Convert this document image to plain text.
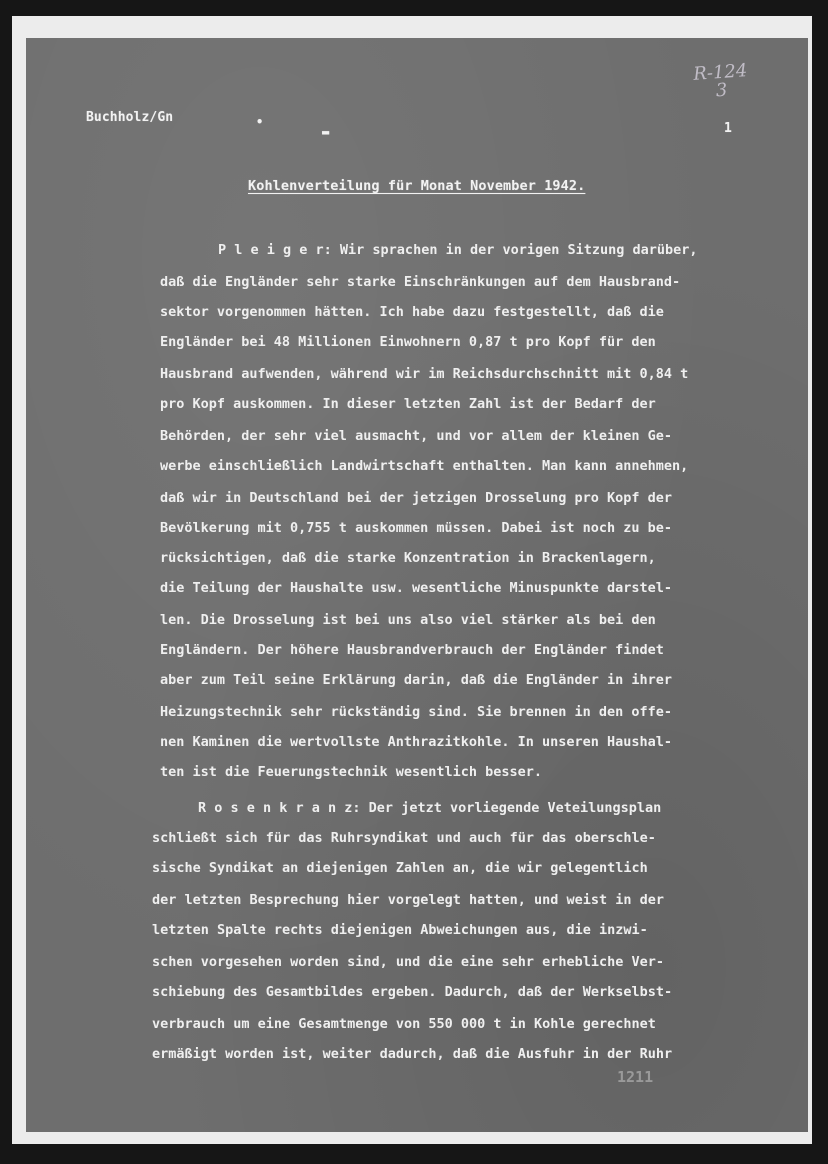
Buchholz/Gn	•
▬	1
R-124
3
Kohlenverteilung für Monat November 1942.
P l e i g e r: Wir sprachen in der vorigen Sitzung darüber,
daß die Engländer sehr starke Einschränkungen auf dem Hausbrand-
sektor vorgenommen hätten. Ich habe dazu festgestellt, daß die
Engländer bei 48 Millionen Einwohnern 0,87 t pro Kopf für den
Hausbrand aufwenden, während wir im Reichsdurchschnitt mit 0,84 t
pro Kopf auskommen. In dieser letzten Zahl ist der Bedarf der
Behörden, der sehr viel ausmacht, und vor allem der kleinen Ge-
werbe einschließlich Landwirtschaft enthalten. Man kann annehmen,
daß wir in Deutschland bei der jetzigen Drosselung pro Kopf der
Bevölkerung mit 0,755 t auskommen müssen. Dabei ist noch zu be-
rücksichtigen, daß die starke Konzentration in Brackenlagern,
die Teilung der Haushalte usw. wesentliche Minuspunkte darstel-
len. Die Drosselung ist bei uns also viel stärker als bei den
Engländern. Der höhere Hausbrandverbrauch der Engländer findet
aber zum Teil seine Erklärung darin, daß die Engländer in ihrer
Heizungstechnik sehr rückständig sind. Sie brennen in den offe-
nen Kaminen die wertvollste Anthrazitkohle. In unseren Haushal-
ten ist die Feuerungstechnik wesentlich besser.
R o s e n k r a n z: Der jetzt vorliegende Veteilungsplan
schließt sich für das Ruhrsyndikat und auch für das oberschle-
sische Syndikat an diejenigen Zahlen an, die wir gelegentlich
der letzten Besprechung hier vorgelegt hatten, und weist in der
letzten Spalte rechts diejenigen Abweichungen aus, die inzwi-
schen vorgesehen worden sind, und die eine sehr erhebliche Ver-
schiebung des Gesamtbildes ergeben. Dadurch, daß der Werkselbst-
verbrauch um eine Gesamtmenge von 550 000 t in Kohle gerechnet
ermäßigt worden ist, weiter dadurch, daß die Ausfuhr in der Ruhr
1211
